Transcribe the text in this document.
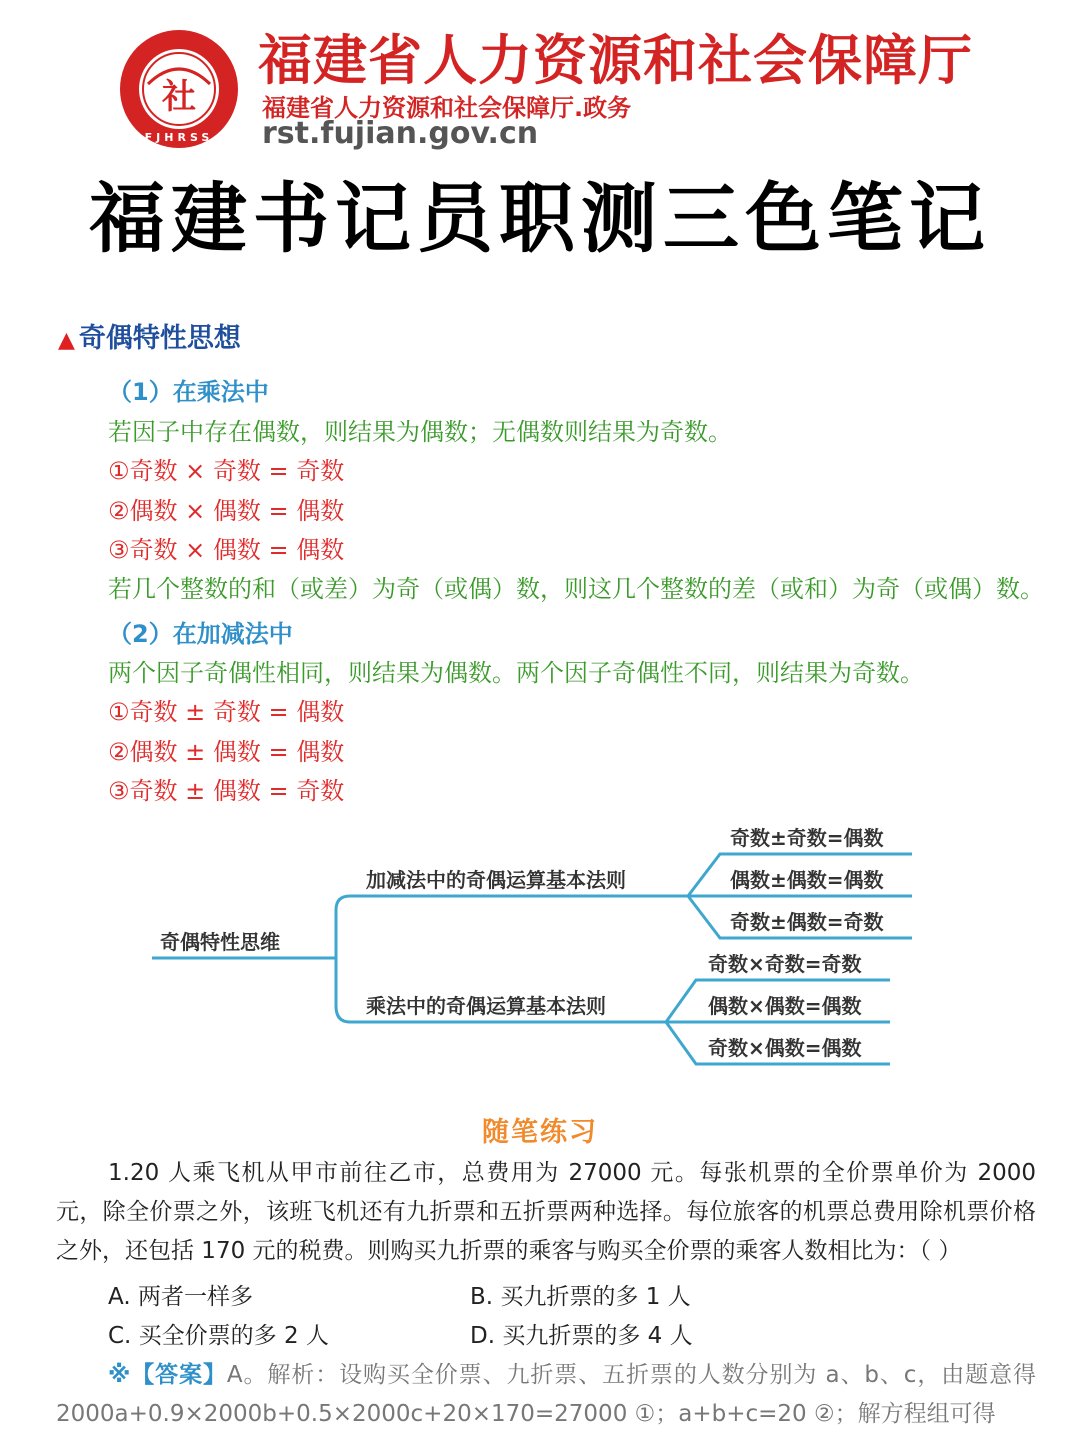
社
FJHRSS
福建省人力资源和社会保障厅
福建省人力资源和社会保障厅.政务
rst.fujian.gov.cn
福建书记员职测三色笔记
▲ 奇偶特性思想
（1）在乘法中
若因子中存在偶数，则结果为偶数；无偶数则结果为奇数。
①奇数 × 奇数 = 奇数
②偶数 × 偶数 = 偶数
③奇数 × 偶数 = 偶数
若几个整数的和（或差）为奇（或偶）数，则这几个整数的差（或和）为奇（或偶）数。
（2）在加减法中
两个因子奇偶性相同，则结果为偶数。两个因子奇偶性不同，则结果为奇数。
①奇数 ± 奇数 = 偶数
②偶数 ± 偶数 = 偶数
③奇数 ± 偶数 = 奇数
奇偶特性思维
加减法中的奇偶运算基本法则
乘法中的奇偶运算基本法则
奇数±奇数=偶数
偶数±偶数=偶数
奇数±偶数=奇数
奇数×奇数=奇数
偶数×偶数=偶数
奇数×偶数=偶数
随笔练习

1.20 人乘飞机从甲市前往乙市，总费用为 27000 元。每张机票的全价票单价为 2000 元，除全价票之外，该班飞机还有九折票和五折票两种选择。每位旅客的机票总费用除机票价格之外，还包括 170 元的税费。则购买九折票的乘客与购买全价票的乘客人数相比为：（ ）

A. 两者一样多	B. 买九折票的多 1 人
C. 买全价票的多 2 人	D. 买九折票的多 4 人

※【答案】A。解析：设购买全价票、九折票、五折票的人数分别为 a、b、c，由题意得 2000a+0.9×2000b+0.5×2000c+20×170=27000 ①；a+b+c=20 ②；解方程组可得
